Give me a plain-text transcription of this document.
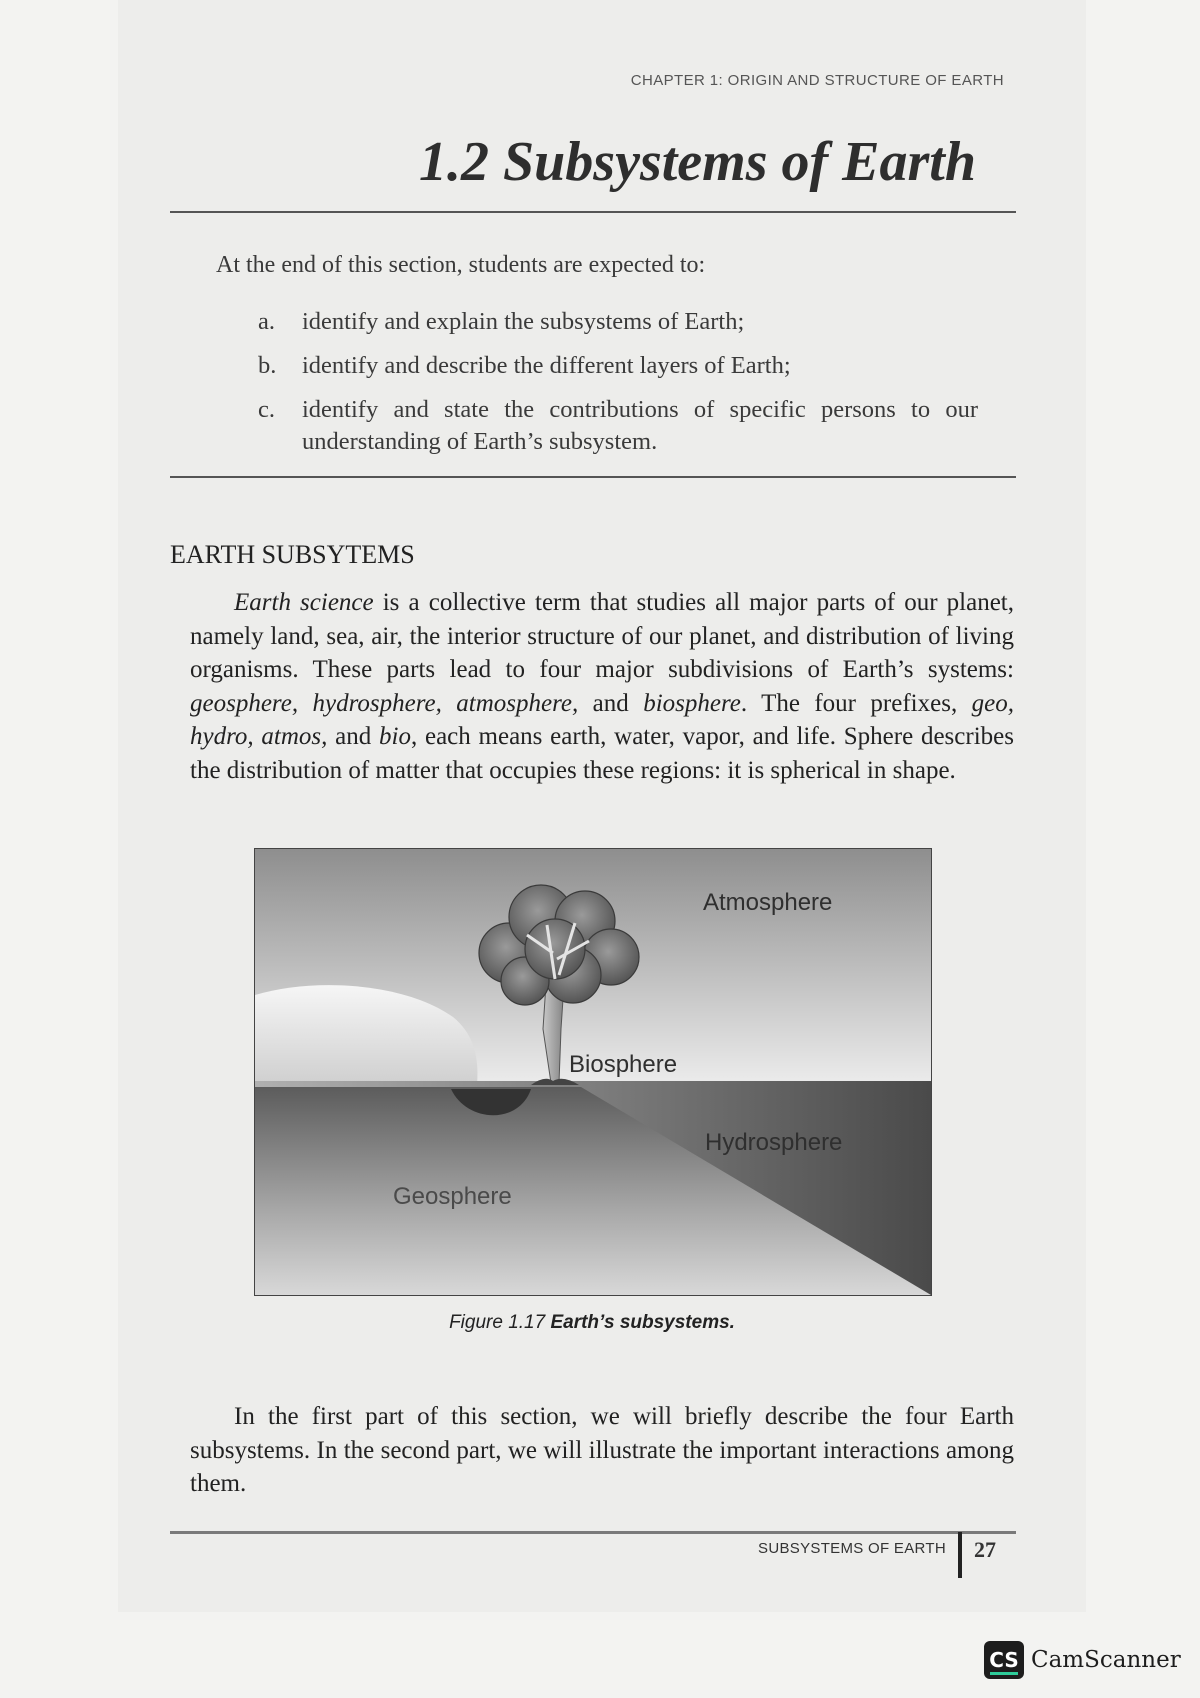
CHAPTER 1: ORIGIN AND STRUCTURE OF EARTH
1.2 Subsystems of Earth

At the end of this section, students are expected to:

a. identify and explain the subsystems of Earth;
b. identify and describe the different layers of Earth;
c. identify and state the contributions of specific persons to our understanding of Earth’s subsystem.
EARTH SUBSYTEMS

Earth science is a collective term that studies all major parts of our planet, namely land, sea, air, the interior structure of our planet, and distribution of living organisms. These parts lead to four major subdivisions of Earth’s systems: geosphere, hydrosphere, atmosphere, and biosphere. The four prefixes, geo, hydro, atmos, and bio, each means earth, water, vapor, and life. Sphere describes the distribution of matter that occupies these regions: it is spherical in shape.

Atmosphere
Biosphere
Hydrosphere
Geosphere

Figure 1.17 Earth’s subsystems.

In the first part of this section, we will briefly describe the four Earth subsystems. In the second part, we will illustrate the important interactions among them.

SUBSYSTEMS OF EARTH 27
CS CamScanner
